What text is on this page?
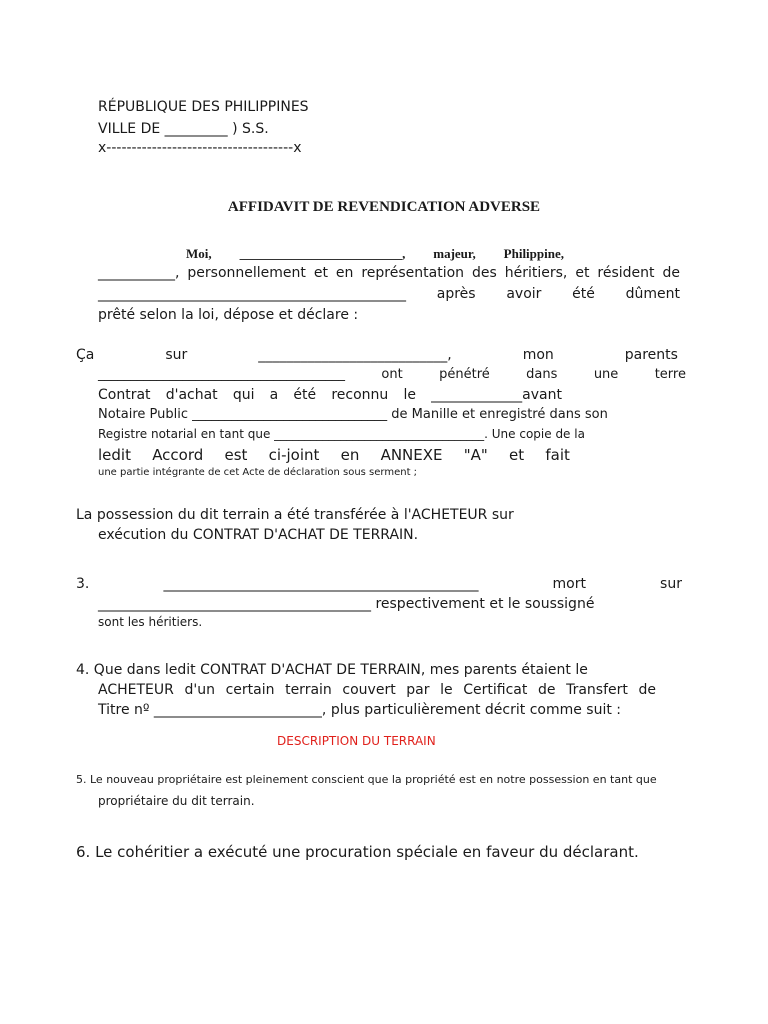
RÉPUBLIQUE DES PHILIPPINES
VILLE DE _________ ) S.S.
x-------------------------------------x
AFFIDAVIT DE REVENDICATION ADVERSE
Moi, _________________________, majeur, Philippine,
___________, personnellement et en représentation des héritiers, et résident de
____________________________________________ après avoir été dûment
prêté selon la loi, dépose et déclare :
Ça	sur	___________________________,	mon	parents
______________________________________	ont	pénétré	dans	une	terre
Contrat d'achat qui a été reconnu le _____________avant
Notaire Public ______________________________ de Manille et enregistré dans son
Registre notarial en tant que ___________________________________. Une copie de la
ledit Accord est ci-joint en ANNEXE "A" et fait
une partie intégrante de cet Acte de déclaration sous serment ;
La possession du dit terrain a été transférée à l'ACHETEUR sur
exécution du CONTRAT D'ACHAT DE TERRAIN.
3.	_____________________________________________	mort	sur
_______________________________________ respectivement et le soussigné
sont les héritiers.
4. Que dans ledit CONTRAT D'ACHAT DE TERRAIN, mes parents étaient le
ACHETEUR d'un certain terrain couvert par le Certificat de Transfert de
Titre nº ________________________, plus particulièrement décrit comme suit :
DESCRIPTION DU TERRAIN
5. Le nouveau propriétaire est pleinement conscient que la propriété est en notre possession en tant que
propriétaire du dit terrain.
6. Le cohéritier a exécuté une procuration spéciale en faveur du déclarant.
